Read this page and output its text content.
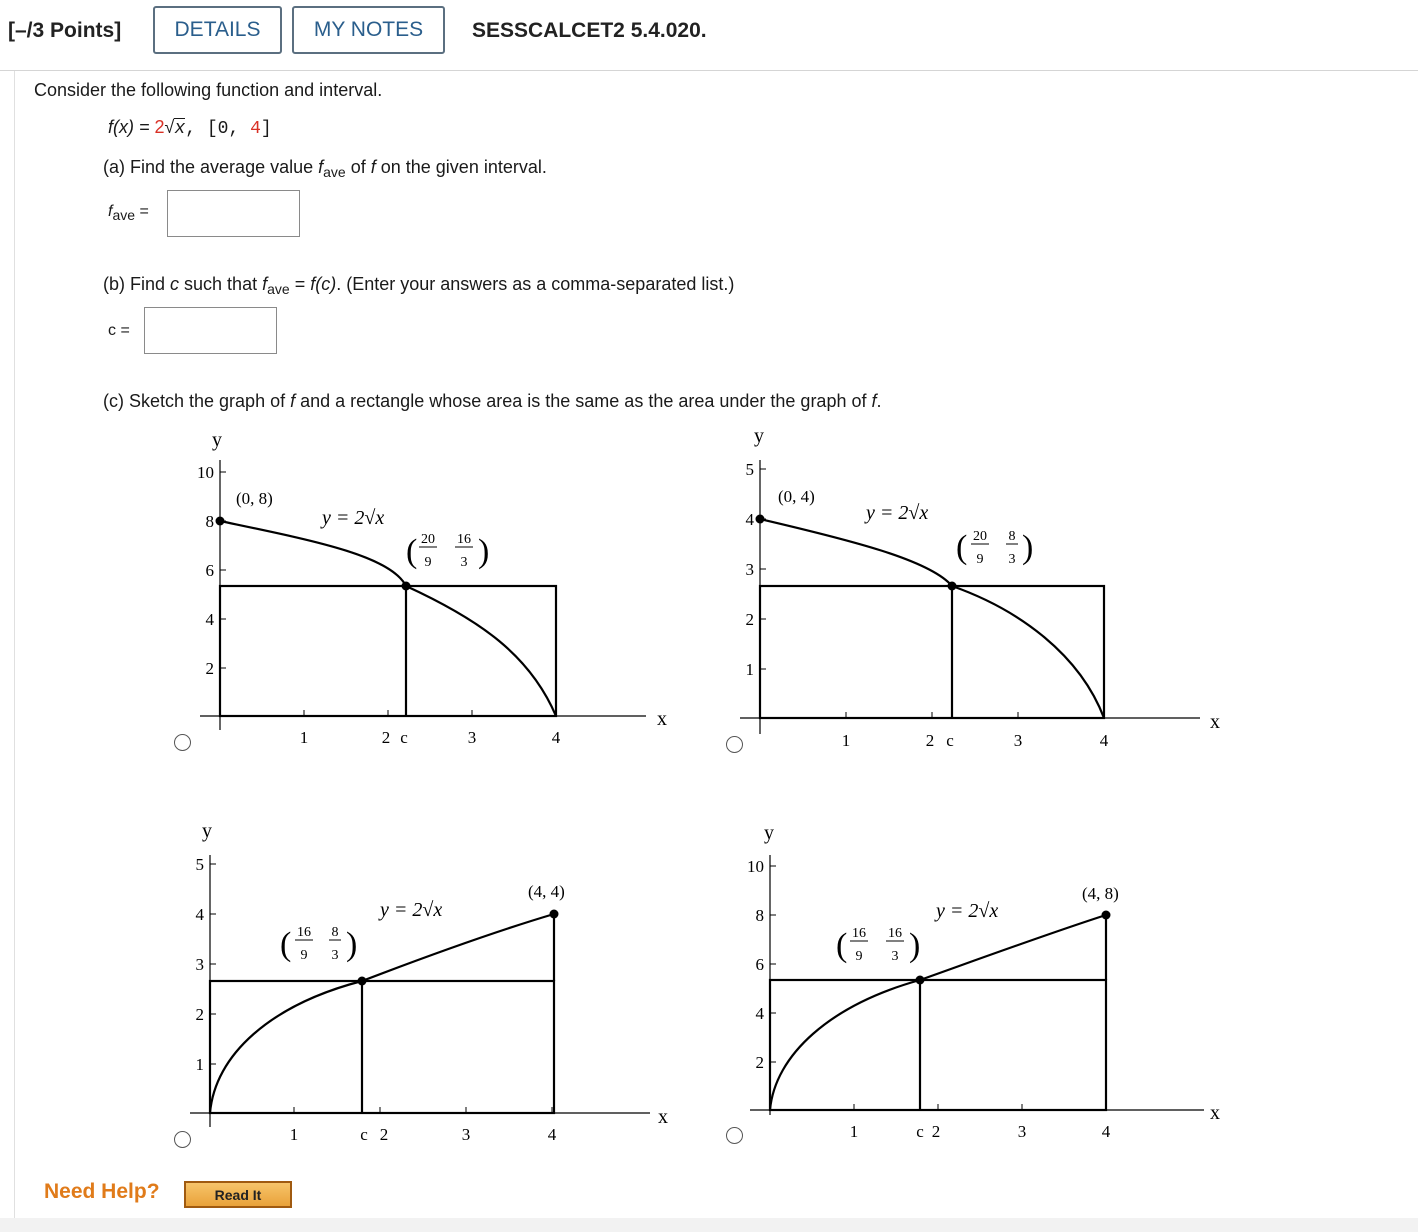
[–/3 Points]	DETAILS	MY NOTES	SESSCALCET2 5.4.020.
Consider the following function and interval.
f(x) = 2√x, [0, 4]
(a) Find the average value $f_{ave}$ of f on the given interval.
$f_{ave}$ =
(b) Find c such that $f_{ave} = f(c)$. (Enter your answers as a comma-separated list.)
c =
(c) Sketch the graph of f and a rectangle whose area is the same as the area under the graph of f.
y
x
2
4
6
8
10
1	2	3	4
c
(0, 8)
y = 2√x
( 20
9
16
3 )
y
x
1
2
3
4
5
1	2	3	4
c
(0, 4)
y = 2√x
( 20
9
8
3 )
y
x
1
2
3
4
5
1	2	3	4
c
(4, 4)
y = 2√x
( 16
9
8
3 )
y
x
2
4
6
8
10
1	2	3	4
c
(4, 8)
y = 2√x
( 16
9
16
3 )
Need Help?	Read It
